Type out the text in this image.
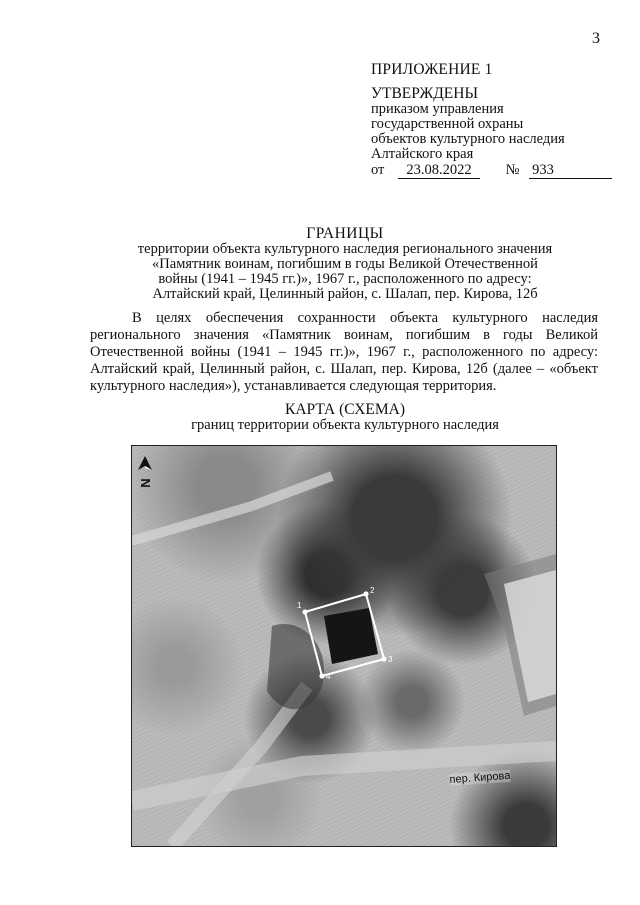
3
ПРИЛОЖЕНИЕ 1
УТВЕРЖДЕНЫ
приказом управления
государственной охраны
объектов культурного наследия
Алтайского края
от 23.08.2022 № 933
ГРАНИЦЫ
территории объекта культурного наследия регионального значения
«Памятник воинам, погибшим в годы Великой Отечественной
войны (1941 – 1945 гг.)», 1967 г., расположенного по адресу:
Алтайский край, Целинный район, с. Шалап, пер. Кирова, 12б
В целях обеспечения сохранности объекта культурного наследия регионального значения «Памятник воинам, погибшим в годы Великой Отечественной войны (1941 – 1945 гг.)», 1967 г., расположенного по адресу: Алтайский край, Целинный район, с. Шалап, пер. Кирова, 12б (далее – «объект культурного наследия»), устанавливается следующая территория.
КАРТА (СХЕМА)
границ территории объекта культурного наследия
1
2
3
4
N
пер. Кирова
